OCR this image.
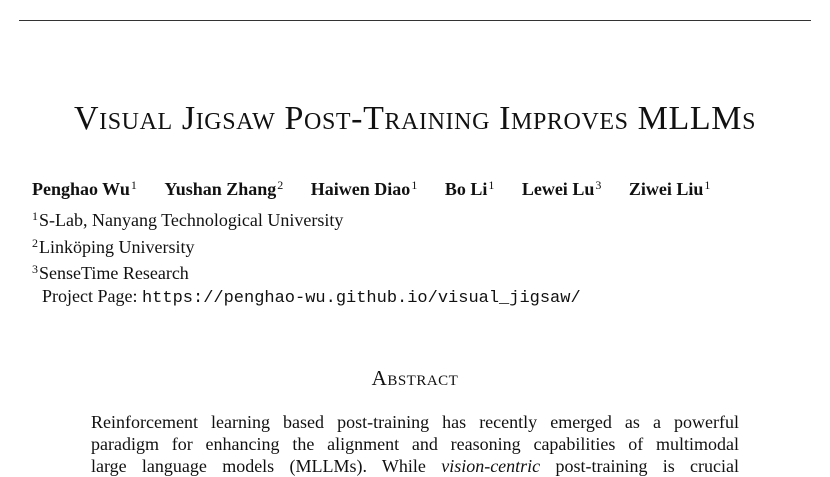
Visual Jigsaw Post-Training Improves MLLMs
Penghao Wu$^1$ Yushan Zhang$^2$ Haiwen Diao$^1$ Bo Li$^1$ Lewei Lu$^3$ Ziwei Liu$^1$
$^1$S-Lab, Nanyang Technological University
$^2$Linköping University
$^3$SenseTime Research
Project Page: https://penghao-wu.github.io/visual_jigsaw/
Abstract
Reinforcement learning based post-training has recently emerged as a powerful
paradigm for enhancing the alignment and reasoning capabilities of multimodal
large language models (MLLMs). While vision-centric post-training is crucial
